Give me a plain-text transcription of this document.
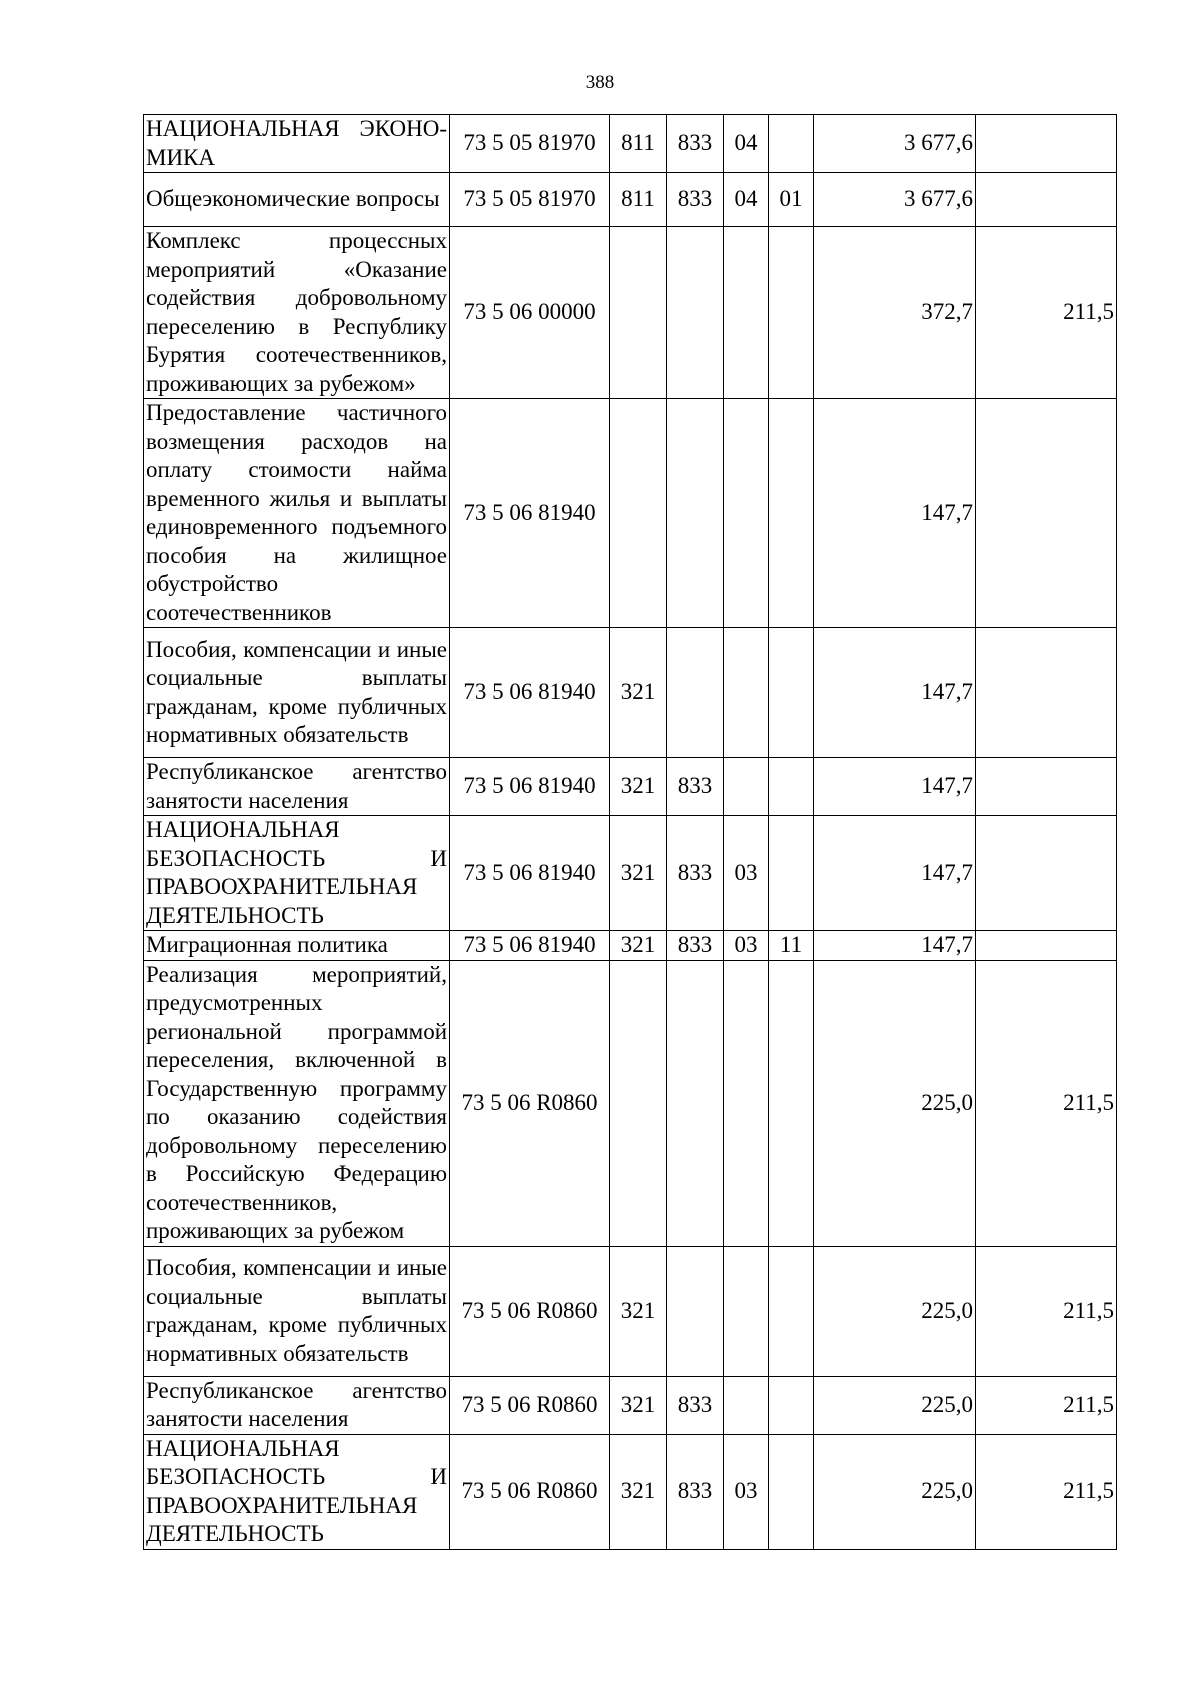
388
НАЦИОНАЛЬНАЯ ЭКОНО-МИКА	73 5 05 81970	811	833	04		3 677,6	
Общеэкономические вопросы	73 5 05 81970	811	833	04	01	3 677,6	
Комплекс процессных мероприятий «Оказание содействия добровольному переселению в Республику Бурятия соотечественников, проживающих за рубежом»	73 5 06 00000					372,7	211,5
Предоставление частичного возмещения расходов на оплату стоимости найма временного жилья и выплаты единовременного подъемного пособия на жилищное обустройство соотечественников	73 5 06 81940					147,7	
Пособия, компенсации и иные социальные выплаты гражданам, кроме публичных нормативных обязательств	73 5 06 81940	321				147,7	
Республиканское агентство занятости населения	73 5 06 81940	321	833			147,7	
НАЦИОНАЛЬНАЯ БЕЗОПАСНОСТЬ И ПРАВООХРАНИТЕЛЬНАЯ ДЕЯТЕЛЬНОСТЬ	73 5 06 81940	321	833	03		147,7	
Миграционная политика	73 5 06 81940	321	833	03	11	147,7	
Реализация мероприятий, предусмотренных региональной программой переселения, включенной в Государственную программу по оказанию содействия добровольному переселению в Российскую Федерацию соотечественников, проживающих за рубежом	73 5 06 R0860					225,0	211,5
Пособия, компенсации и иные социальные выплаты гражданам, кроме публичных нормативных обязательств	73 5 06 R0860	321				225,0	211,5
Республиканское агентство занятости населения	73 5 06 R0860	321	833			225,0	211,5
НАЦИОНАЛЬНАЯ БЕЗОПАСНОСТЬ И ПРАВООХРАНИТЕЛЬНАЯ ДЕЯТЕЛЬНОСТЬ	73 5 06 R0860	321	833	03		225,0	211,5
